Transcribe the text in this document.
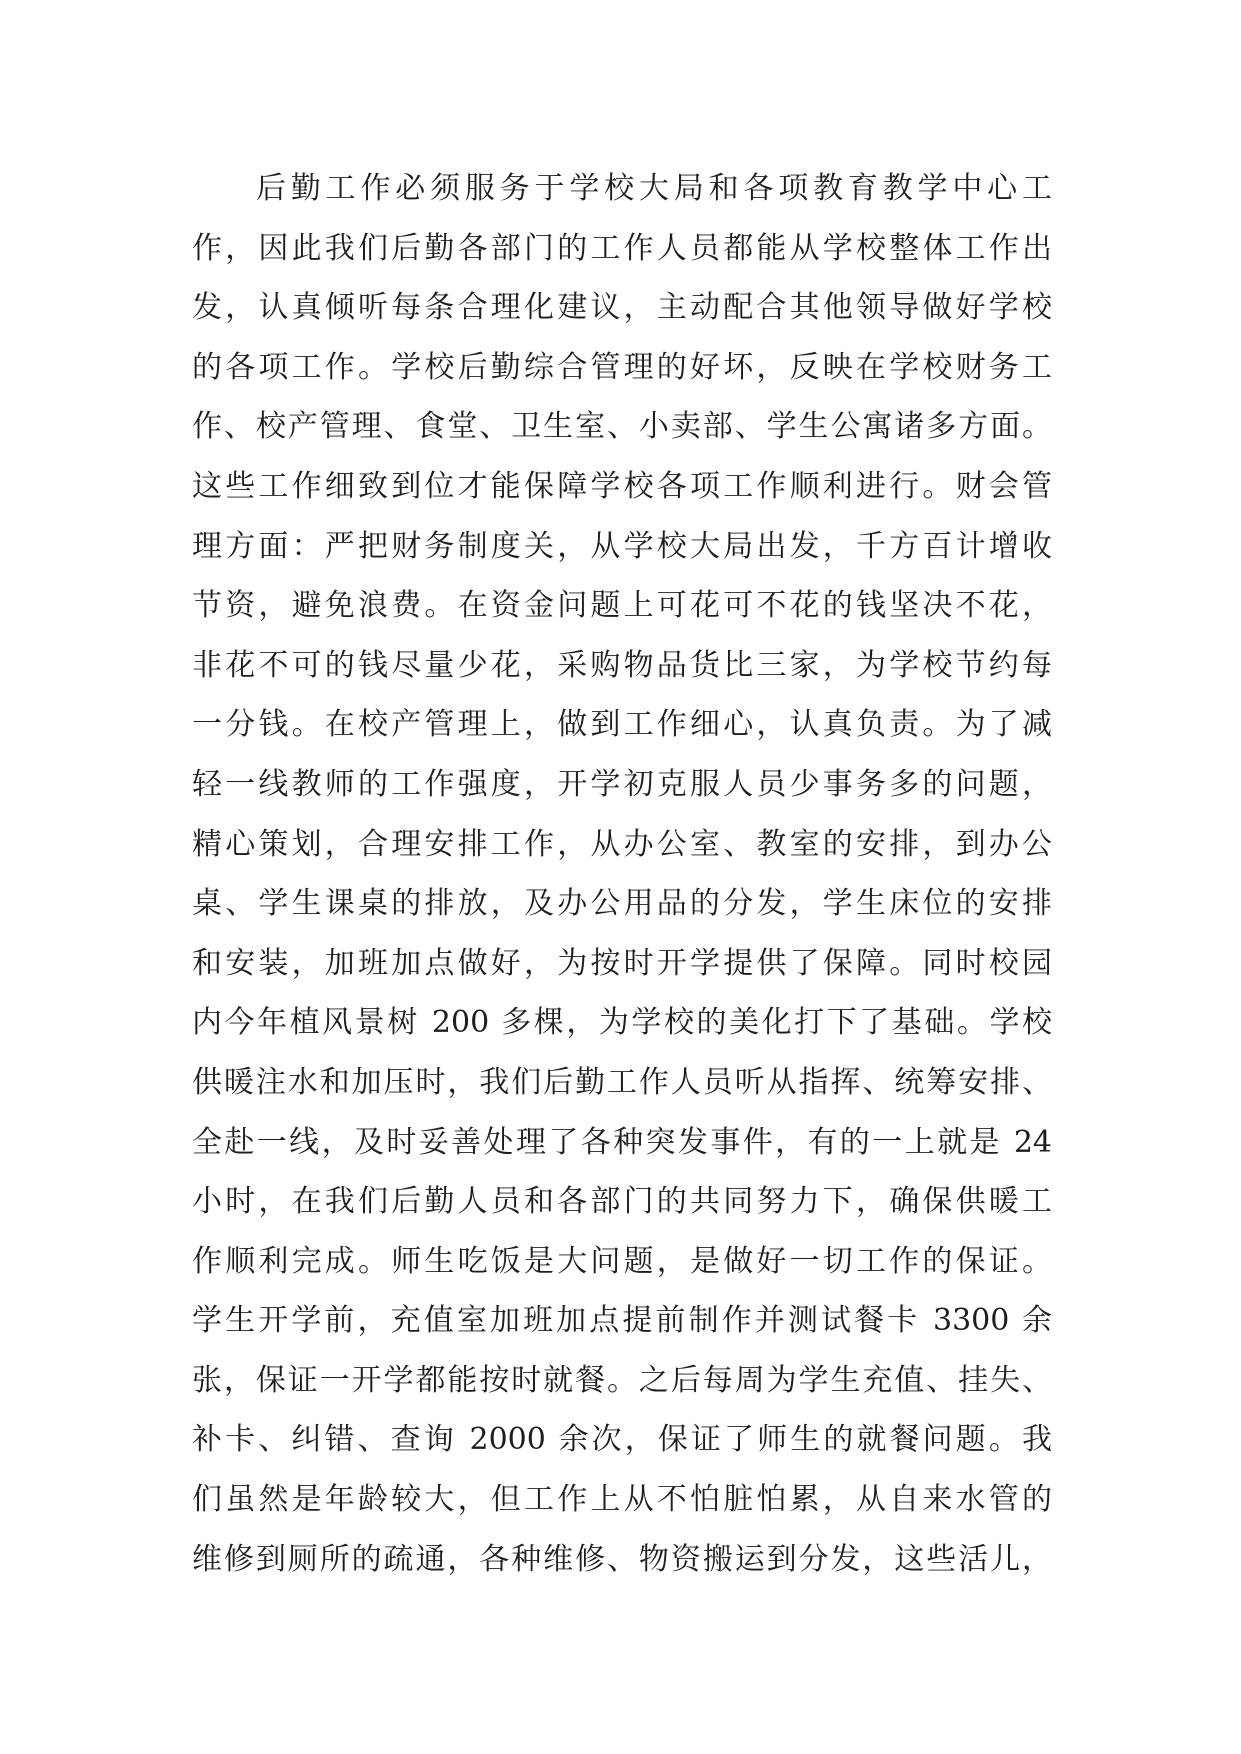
后勤工作必须服务于学校大局和各项教育教学中心工
作，因此我们后勤各部门的工作人员都能从学校整体工作出
发，认真倾听每条合理化建议，主动配合其他领导做好学校
的各项工作。学校后勤综合管理的好坏，反映在学校财务工
作、校产管理、食堂、卫生室、小卖部、学生公寓诸多方面。
这些工作细致到位才能保障学校各项工作顺利进行。财会管
理方面：严把财务制度关，从学校大局出发，千方百计增收
节资，避免浪费。在资金问题上可花可不花的钱坚决不花，
非花不可的钱尽量少花，采购物品货比三家，为学校节约每
一分钱。在校产管理上，做到工作细心，认真负责。为了减
轻一线教师的工作强度，开学初克服人员少事务多的问题，
精心策划，合理安排工作，从办公室、教室的安排，到办公
桌、学生课桌的排放，及办公用品的分发，学生床位的安排
和安装，加班加点做好，为按时开学提供了保障。同时校园
内今年植风景树 200 多棵，为学校的美化打下了基础。学校
供暖注水和加压时，我们后勤工作人员听从指挥、统筹安排、
全赴一线，及时妥善处理了各种突发事件，有的一上就是 24
小时，在我们后勤人员和各部门的共同努力下，确保供暖工
作顺利完成。师生吃饭是大问题，是做好一切工作的保证。
学生开学前，充值室加班加点提前制作并测试餐卡 3300 余
张，保证一开学都能按时就餐。之后每周为学生充值、挂失、
补卡、纠错、查询 2000 余次，保证了师生的就餐问题。我
们虽然是年龄较大，但工作上从不怕脏怕累，从自来水管的
维修到厕所的疏通，各种维修、物资搬运到分发，这些活儿，
